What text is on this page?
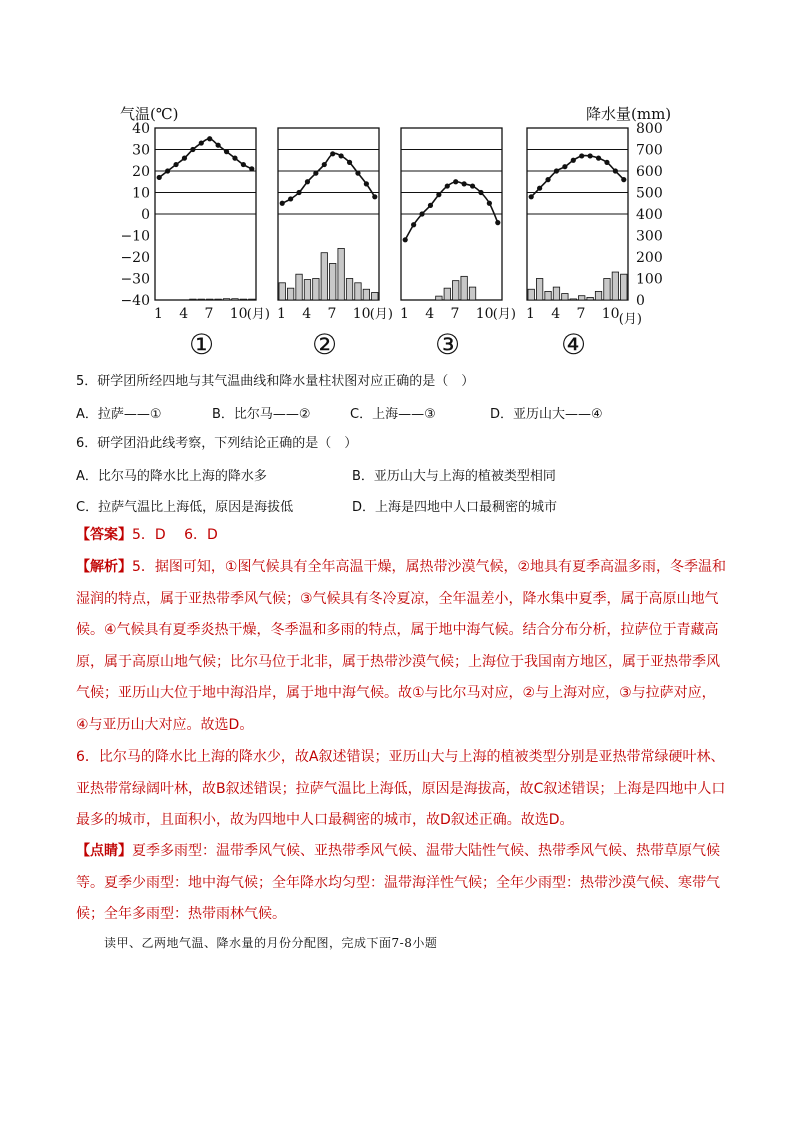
气温(℃)	降水量(mm)
40
30
20
10
0
−10
−20
−30
−40
800
700
600
500
400
300
200
100
0
1 4 7 10 (月)
①
1 4 7 10 (月)
②
1 4 7 10 (月)
③
1 4 7 10 (月)
④
5．研学团所经四地与其气温曲线和降水量柱状图对应正确的是（　）
A．拉萨——①	B．比尔马——②	C．上海——③	D．亚历山大——④
6．研学团沿此线考察，下列结论正确的是（　）
A．比尔马的降水比上海的降水多	B．亚历山大与上海的植被类型相同
C．拉萨气温比上海低，原因是海拔低	D．上海是四地中人口最稠密的城市
【答案】5．D　 6．D

【解析】5．据图可知，①图气候具有全年高温干燥，属热带沙漠气候，②地具有夏季高温多雨，冬季温和湿润的特点，属于亚热带季风气候；③气候具有冬冷夏凉，全年温差小，降水集中夏季，属于高原山地气候。④气候具有夏季炎热干燥，冬季温和多雨的特点，属于地中海气候。结合分布分析，拉萨位于青藏高原，属于高原山地气候；比尔马位于北非，属于热带沙漠气候；上海位于我国南方地区，属于亚热带季风气候；亚历山大位于地中海沿岸，属于地中海气候。故①与比尔马对应，②与上海对应，③与拉萨对应，④与亚历山大对应。故选D。

6．比尔马的降水比上海的降水少，故A叙述错误；亚历山大与上海的植被类型分别是亚热带常绿硬叶林、亚热带常绿阔叶林，故B叙述错误；拉萨气温比上海低，原因是海拔高，故C叙述错误；上海是四地中人口最多的城市，且面积小，故为四地中人口最稠密的城市，故D叙述正确。故选D。

【点睛】夏季多雨型：温带季风气候、亚热带季风气候、温带大陆性气候、热带季风气候、热带草原气候等。夏季少雨型：地中海气候；全年降水均匀型：温带海洋性气候；全年少雨型：热带沙漠气候、寒带气候；全年多雨型：热带雨林气候。

读甲、乙两地气温、降水量的月份分配图，完成下面7-8小题
